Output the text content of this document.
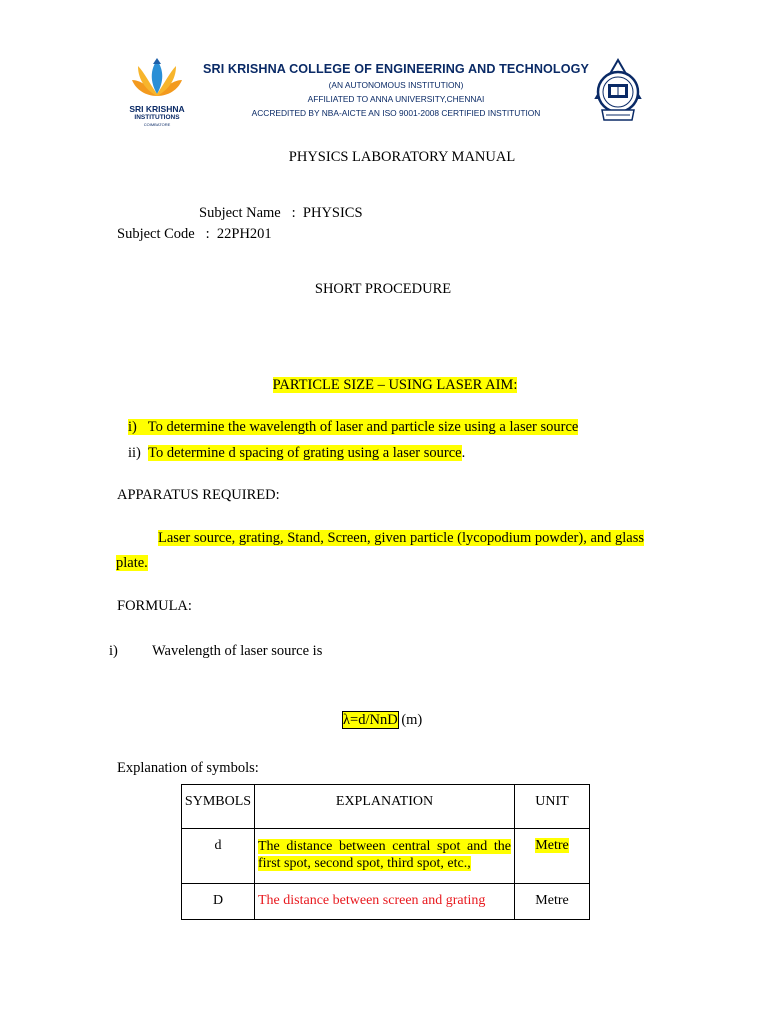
SRI KRISHNA
INSTITUTIONS
COIMBATORE
SRI KRISHNA COLLEGE OF ENGINEERING AND TECHNOLOGY
(AN AUTONOMOUS INSTITUTION)
AFFILIATED TO ANNA UNIVERSITY,CHENNAI
ACCREDITED BY NBA-AICTE AN ISO 9001-2008 CERTIFIED INSTITUTION
PHYSICS LABORATORY MANUAL
Subject Name : PHYSICS
Subject Code : 22PH201
SHORT PROCEDURE
PARTICLE SIZE – USING LASER AIM:
i) To determine the wavelength of laser and particle size using a laser source
ii) To determine d spacing of grating using a laser source.
APPARATUS REQUIRED:
Laser source, grating, Stand, Screen, given particle (lycopodium powder), and glass
plate.
FORMULA:
i) Wavelength of laser source is
λ=d/NnD (m)
Explanation of symbols:
SYMBOLS	EXPLANATION	UNIT

d	The distance between central spot and the first spot, second spot, third spot, etc.,	Metre

D	The distance between screen and grating	Metre
